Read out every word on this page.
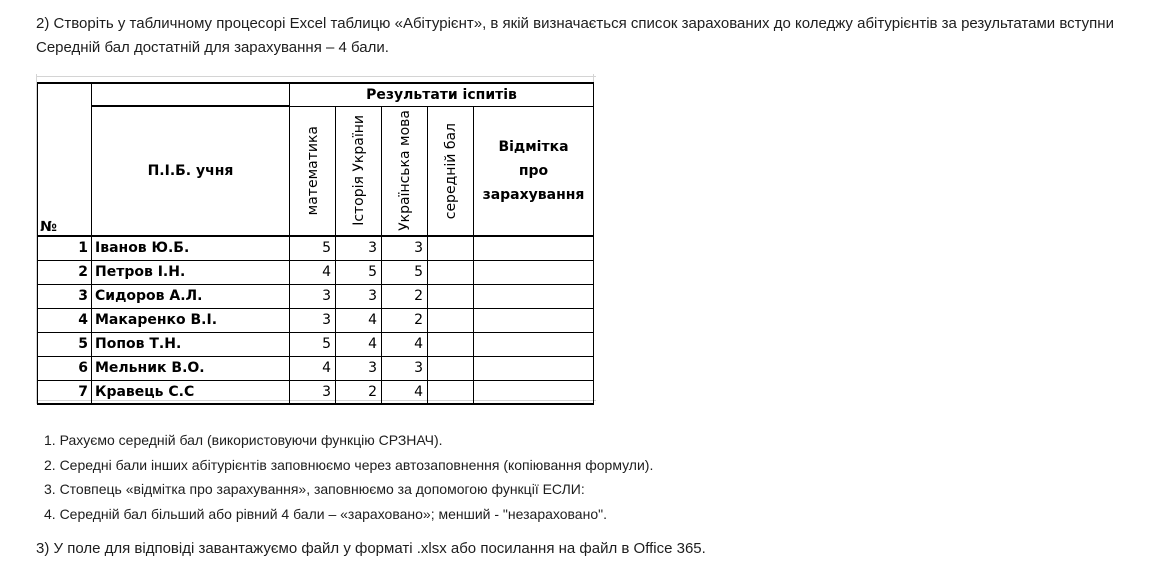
2) Створіть у табличному процесорі Excel таблицю «Абітурієнт», в якій визначається список зарахованих до коледжу абітурієнтів за результатами вступни

Середній бал достатній для зарахування – 4 бали.

№		Результати іспитів				
	П.І.Б. учня	математика	Історія України	Українська мова	середній бал	Відмітка
про
зарахування

1	Іванов Ю.Б.	5	3	3		
2	Петров І.Н.	4	5	5		
3	Сидоров А.Л.	3	3	2		
4	Макаренко В.І.	3	4	2		
5	Попов Т.Н.	5	4	4		
6	Мельник В.О.	4	3	3		
7	Кравець С.С	3	2	4		
1. Рахуємо середній бал (використовуючи функцію СРЗНАЧ).
2. Середні бали інших абітурієнтів заповнюємо через автозаповнення (копіювання формули).
3. Стовпець «відмітка про зарахування», заповнюємо за допомогою функції ЕСЛИ:
4. Середній бал більший або рівний 4 бали – «зараховано»; менший - "незараховано".

3) У поле для відповіді завантажуємо файл у форматі .xlsx або посилання на файл в Office 365.
